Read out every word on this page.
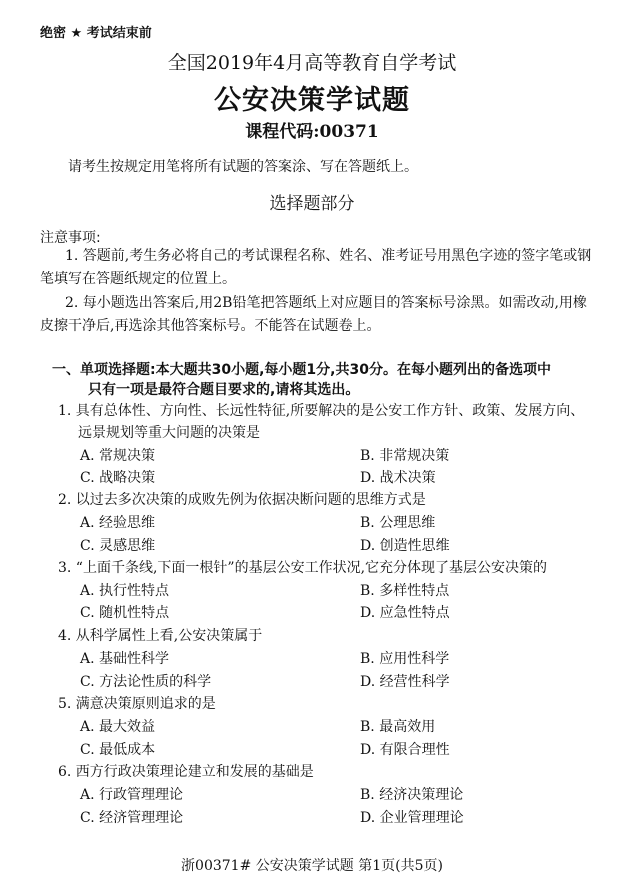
绝密 ★ 考试结束前
全国2019年4月高等教育自学考试
公安决策学试题
课程代码:00371
请考生按规定用笔将所有试题的答案涂、写在答题纸上。
选择题部分
注意事项:
1. 答题前,考生务必将自己的考试课程名称、姓名、准考证号用黑色字迹的签字笔或钢笔填写在答题纸规定的位置上。
2. 每小题选出答案后,用2B铅笔把答题纸上对应题目的答案标号涂黑。如需改动,用橡皮擦干净后,再选涂其他答案标号。不能答在试题卷上。
一、单项选择题:本大题共30小题,每小题1分,共30分。在每小题列出的备选项中
只有一项是最符合题目要求的,请将其选出。
1. 具有总体性、方向性、长远性特征,所要解决的是公安工作方针、政策、发展方向、
远景规划等重大问题的决策是
A. 常规决策	B. 非常规决策
C. 战略决策	D. 战术决策
2. 以过去多次决策的成败先例为依据决断问题的思维方式是
A. 经验思维	B. 公理思维
C. 灵感思维	D. 创造性思维
3. “上面千条线,下面一根针”的基层公安工作状况,它充分体现了基层公安决策的
A. 执行性特点	B. 多样性特点
C. 随机性特点	D. 应急性特点
4. 从科学属性上看,公安决策属于
A. 基础性科学	B. 应用性科学
C. 方法论性质的科学	D. 经营性科学
5. 满意决策原则追求的是
A. 最大效益	B. 最高效用
C. 最低成本	D. 有限合理性
6. 西方行政决策理论建立和发展的基础是
A. 行政管理理论	B. 经济决策理论
C. 经济管理理论	D. 企业管理理论
浙00371# 公安决策学试题 第1页(共5页)
